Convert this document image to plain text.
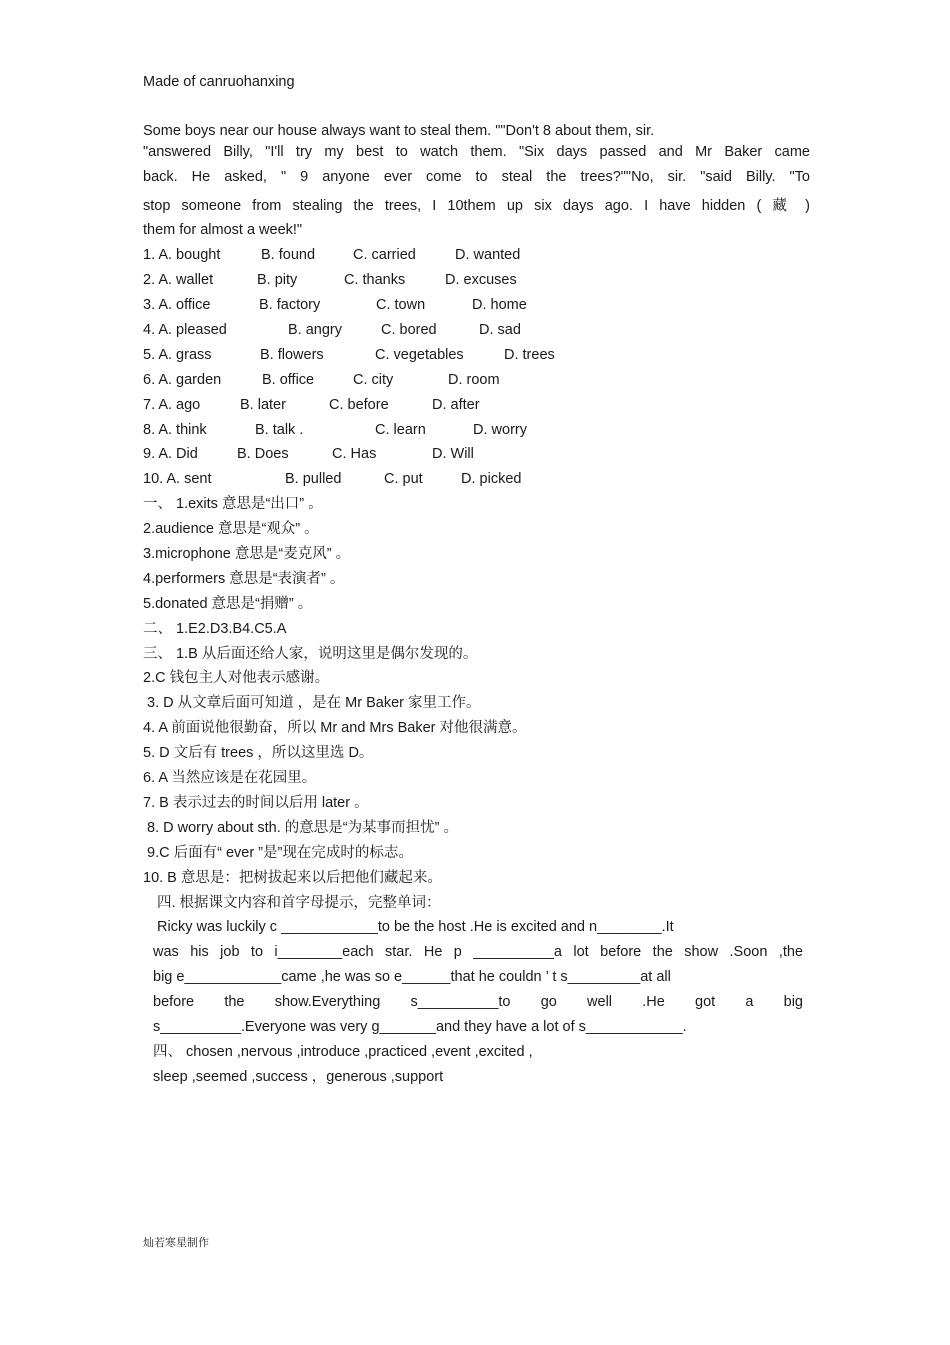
Made of canruohanxing
Some boys near our house always want to steal them. ""Don't 8 about them, sir.
"answered Billy, "I'll try my best to watch them. "Six days passed and Mr Baker came
back. He asked, " 9 anyone ever come to steal the trees?""No, sir. "said Billy. "To
stop someone from stealing the trees, I 10them up six days ago. I have hidden ( 藏 )
them for almost a week!"
1. A. bought	B. found	C. carried	D. wanted
2. A. wallet	B. pity	C. thanks	D. excuses
3. A. office	B. factory	C. town	D. home
4. A. pleased	B. angry	C. bored	D. sad
5. A. grass	B. flowers	C. vegetables	D. trees
6. A. garden	B. office	C. city	D. room
7. A. ago	B. later	C. before	D. after
8. A. think	B. talk .	C. learn	D. worry
9. A. Did	B. Does	C. Has	D. Will
10. A. sent	B. pulled	C. put	D. picked
一、 1.exits 意思是“出口” 。
2.audience 意思是“观众” 。
3.microphone 意思是“麦克风” 。
4.performers 意思是“表演者” 。
5.donated 意思是“捐赠” 。
二、 1.E2.D3.B4.C5.A
三、 1.B 从后面还给人家，说明这里是偶尔发现的。
2.C 钱包主人对他表示感谢。
3. D 从文章后面可知道 ，是在 Mr Baker 家里工作。
4. A 前面说他很勤奋，所以 Mr and Mrs Baker 对他很满意。
5. D 文后有 trees ，所以这里选 D。
6. A 当然应该是在花园里。
7. B 表示过去的时间以后用 later 。
8. D worry about sth. 的意思是“为某事而担忧” 。
9.C 后面有“ ever ”是”现在完成时的标志。
10. B 意思是：把树拔起来以后把他们藏起来。
四. 根据课文内容和首字母提示，完整单词：
Ricky was luckily c ____________to be the host .He is excited and n________.It
was his job to i________each star. He p __________a lot before the show .Soon ,the
big e____________came ,he was so e______that he couldn ’ t s_________at all
before the show.Everything s__________to go well .He got a big
s__________.Everyone was very g_______and they have a lot of s____________.
四、 chosen ,nervous ,introduce ,practiced ,event ,excited ,
sleep ,seemed ,success ，generous ,support
灿若寒星制作
